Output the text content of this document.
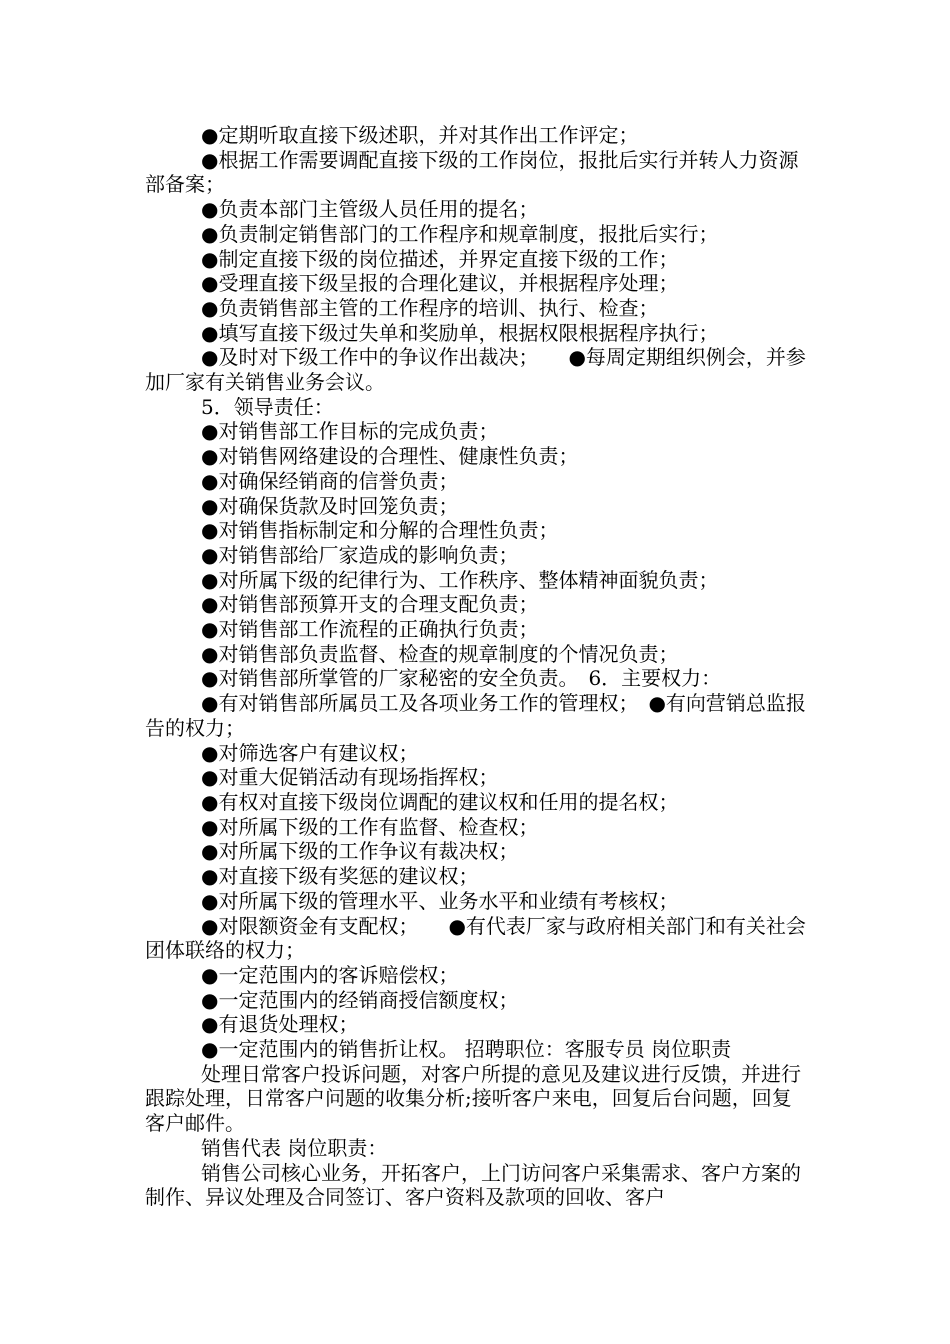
●定期听取直接下级述职，并对其作出工作评定；

●根据工作需要调配直接下级的工作岗位，报批后实行并转人力资源部备案；

●负责本部门主管级人员任用的提名；

●负责制定销售部门的工作程序和规章制度，报批后实行；

●制定直接下级的岗位描述，并界定直接下级的工作；

●受理直接下级呈报的合理化建议，并根据程序处理；

●负责销售部主管的工作程序的培训、执行、检查；

●填写直接下级过失单和奖励单，根据权限根据程序执行；

●及时对下级工作中的争议作出裁决；　　●每周定期组织例会，并参加厂家有关销售业务会议。

5．领导责任：

●对销售部工作目标的完成负责；

●对销售网络建设的合理性、健康性负责；

●对确保经销商的信誉负责；

●对确保货款及时回笼负责；

●对销售指标制定和分解的合理性负责；

●对销售部给厂家造成的影响负责；

●对所属下级的纪律行为、工作秩序、整体精神面貌负责；

●对销售部预算开支的合理支配负责；

●对销售部工作流程的正确执行负责；

●对销售部负责监督、检查的规章制度的个情况负责；

●对销售部所掌管的厂家秘密的安全负责。　6．主要权力：

●有对销售部所属员工及各项业务工作的管理权；　●有向营销总监报告的权力；

●对筛选客户有建议权；

●对重大促销活动有现场指挥权；

●有权对直接下级岗位调配的建议权和任用的提名权；

●对所属下级的工作有监督、检查权；

●对所属下级的工作争议有裁决权；

●对直接下级有奖惩的建议权；

●对所属下级的管理水平、业务水平和业绩有考核权；

●对限额资金有支配权；　　●有代表厂家与政府相关部门和有关社会团体联络的权力；

●一定范围内的客诉赔偿权；

●一定范围内的经销商授信额度权；

●有退货处理权；

●一定范围内的销售折让权。 招聘职位：客服专员 岗位职责

处理日常客户投诉问题，对客户所提的意见及建议进行反馈，并进行跟踪处理，日常客户问题的收集分析;接听客户来电，回复后台问题，回复客户邮件。

销售代表 岗位职责：

销售公司核心业务，开拓客户，上门访问客户采集需求、客户方案的制作、异议处理及合同签订、客户资料及款项的回收、客户
